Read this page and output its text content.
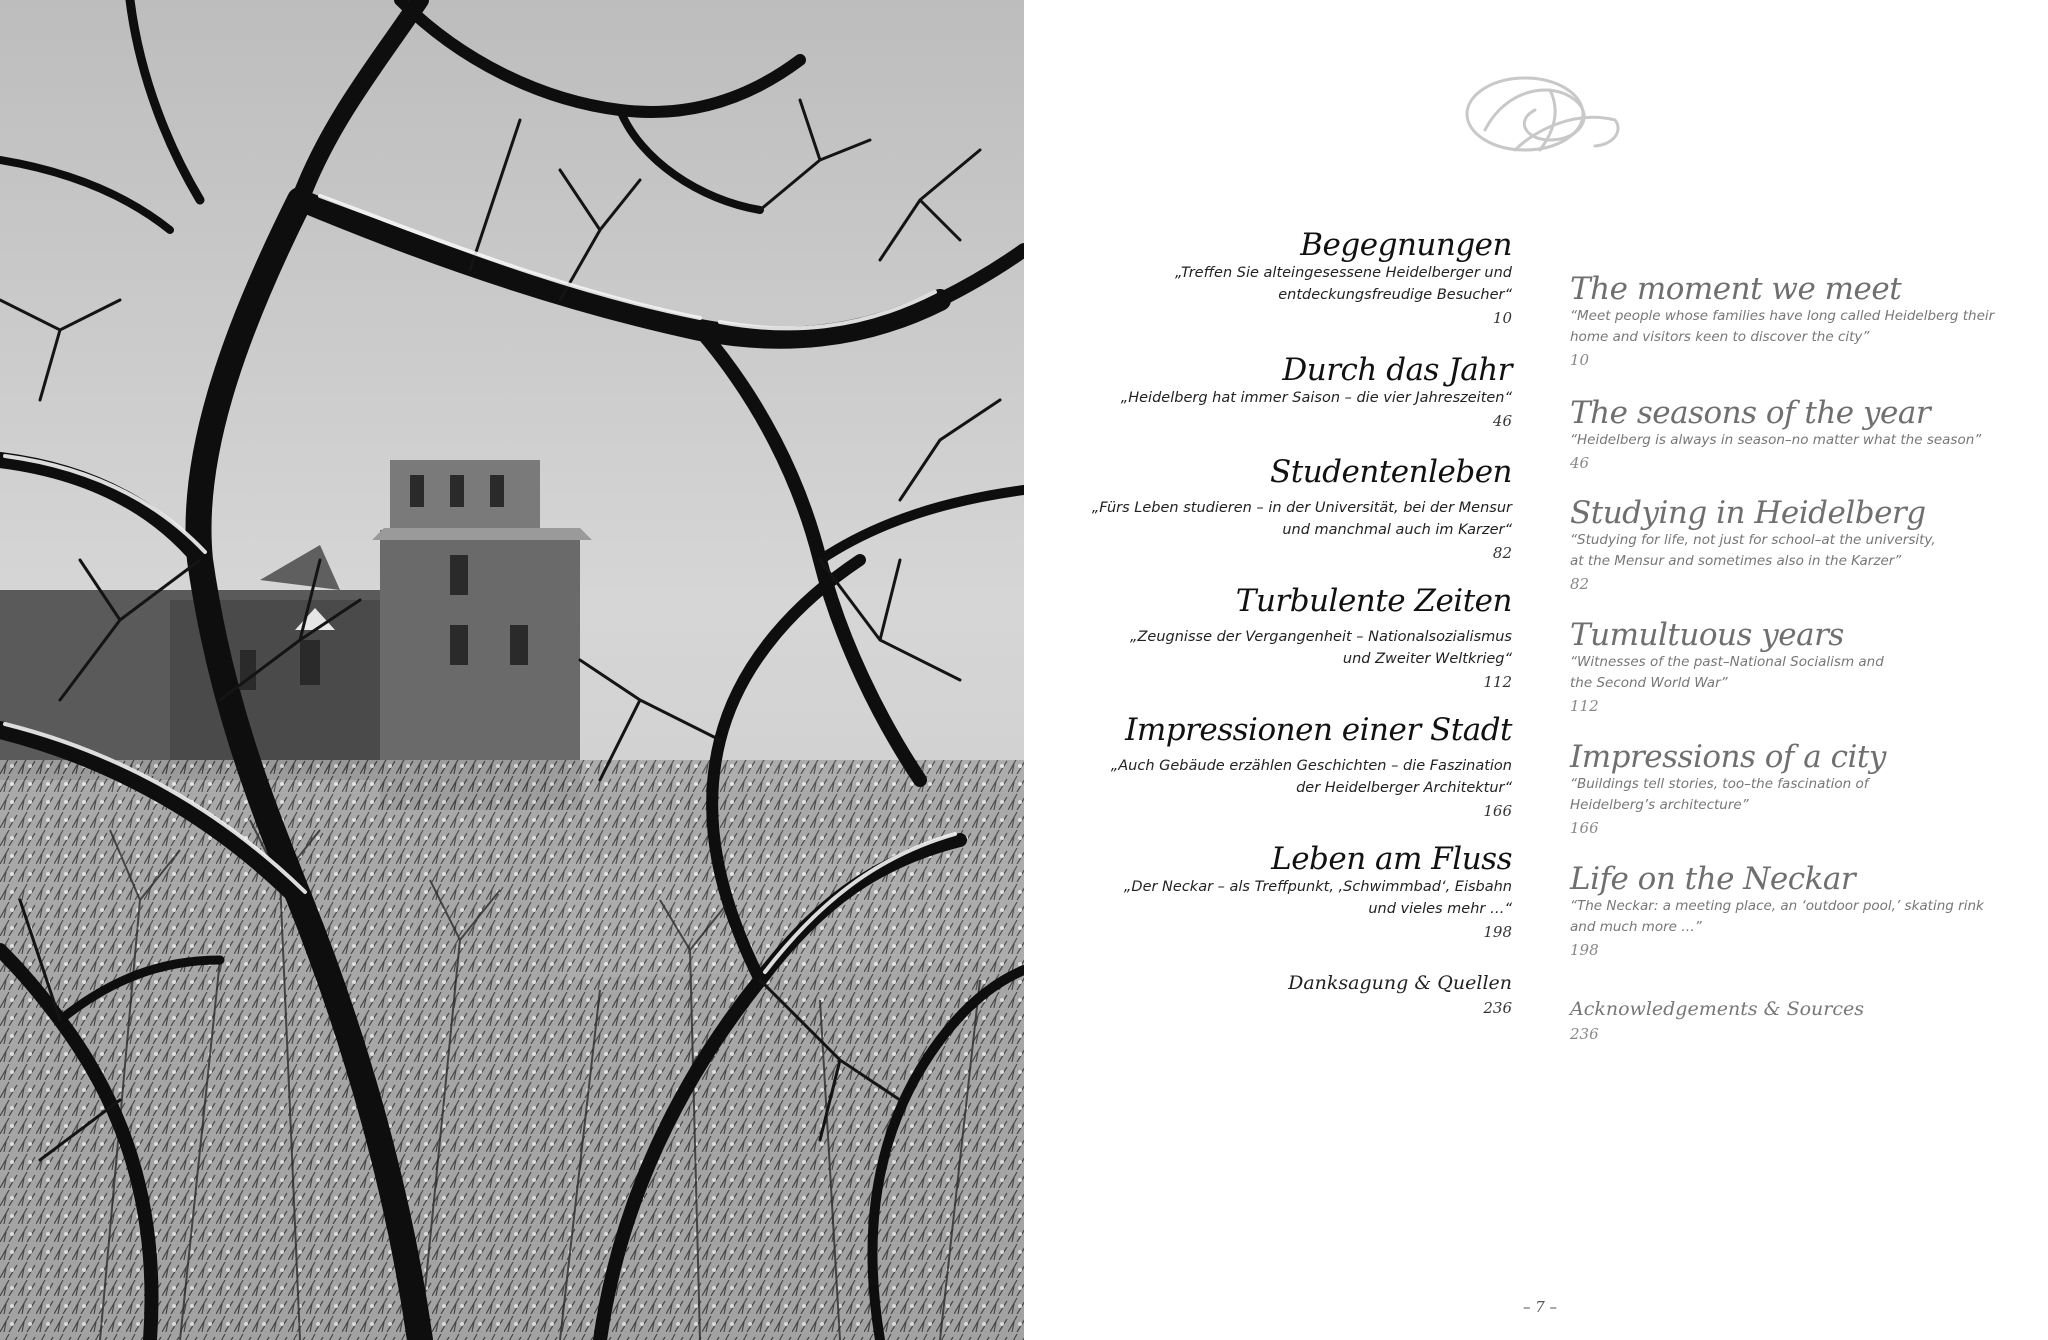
Begegnungen
„Treffen Sie alteingesessene Heidelberger und
entdeckungsfreudige Besucher“
10
Durch das Jahr
„Heidelberg hat immer Saison – die vier Jahreszeiten“
46
Studentenleben
„Fürs Leben studieren – in der Universität, bei der Mensur
und manchmal auch im Karzer“
82
Turbulente Zeiten
„Zeugnisse der Vergangenheit – Nationalsozialismus
und Zweiter Weltkrieg“
112
Impressionen einer Stadt
„Auch Gebäude erzählen Geschichten – die Faszination
der Heidelberger Architektur“
166
Leben am Fluss
„Der Neckar – als Treffpunkt, ‚Schwimmbad‘, Eisbahn
und vieles mehr …“
198
Danksagung & Quellen
236
The moment we meet
“Meet people whose families have long called Heidelberg their
home and visitors keen to discover the city”
10
The seasons of the year
“Heidelberg is always in season–no matter what the season”
46
Studying in Heidelberg
“Studying for life, not just for school–at the university,
at the Mensur and sometimes also in the Karzer”
82
Tumultuous years
“Witnesses of the past–National Socialism and
the Second World War”
112
Impressions of a city
“Buildings tell stories, too–the fascination of
Heidelberg’s architecture”
166
Life on the Neckar
“The Neckar: a meeting place, an ‘outdoor pool,’ skating rink
and much more …”
198
Acknowledgements & Sources
236
– 7 –
